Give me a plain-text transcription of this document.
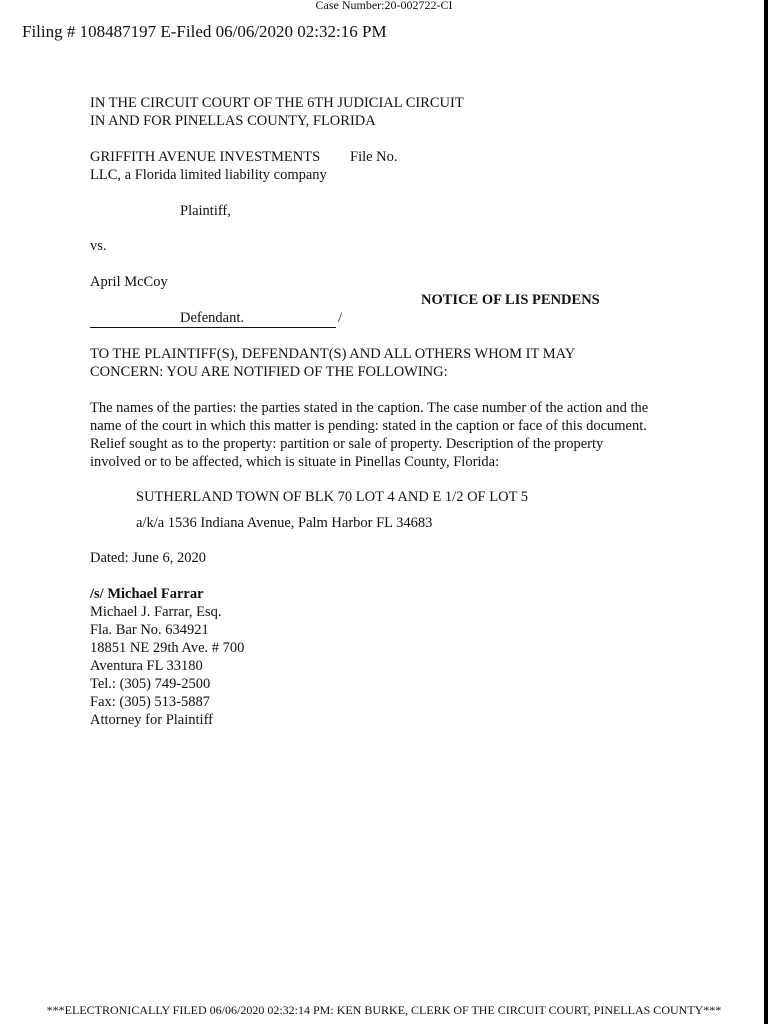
Case Number:20-002722-CI
Filing # 108487197 E-Filed 06/06/2020 02:32:16 PM
IN THE CIRCUIT COURT OF THE 6TH JUDICIAL CIRCUIT
IN AND FOR PINELLAS COUNTY, FLORIDA
GRIFFITH AVENUE INVESTMENTS File No.
LLC, a Florida limited liability company
Plaintiff,
vs.
April McCoy
NOTICE OF LIS PENDENS
Defendant.	/
TO THE PLAINTIFF(S), DEFENDANT(S) AND ALL OTHERS WHOM IT MAY
CONCERN: YOU ARE NOTIFIED OF THE FOLLOWING:
The names of the parties: the parties stated in the caption. The case number of the action and the
name of the court in which this matter is pending: stated in the caption or face of this document.
Relief sought as to the property: partition or sale of property. Description of the property
involved or to be affected, which is situate in Pinellas County, Florida:
SUTHERLAND TOWN OF BLK 70 LOT 4 AND E 1/2 OF LOT 5
a/k/a 1536 Indiana Avenue, Palm Harbor FL 34683
Dated: June 6, 2020
/s/ Michael Farrar
Michael J. Farrar, Esq.
Fla. Bar No. 634921
18851 NE 29th Ave. # 700
Aventura FL 33180
Tel.: (305) 749-2500
Fax: (305) 513-5887
Attorney for Plaintiff
***ELECTRONICALLY FILED 06/06/2020 02:32:14 PM: KEN BURKE, CLERK OF THE CIRCUIT COURT, PINELLAS COUNTY***
